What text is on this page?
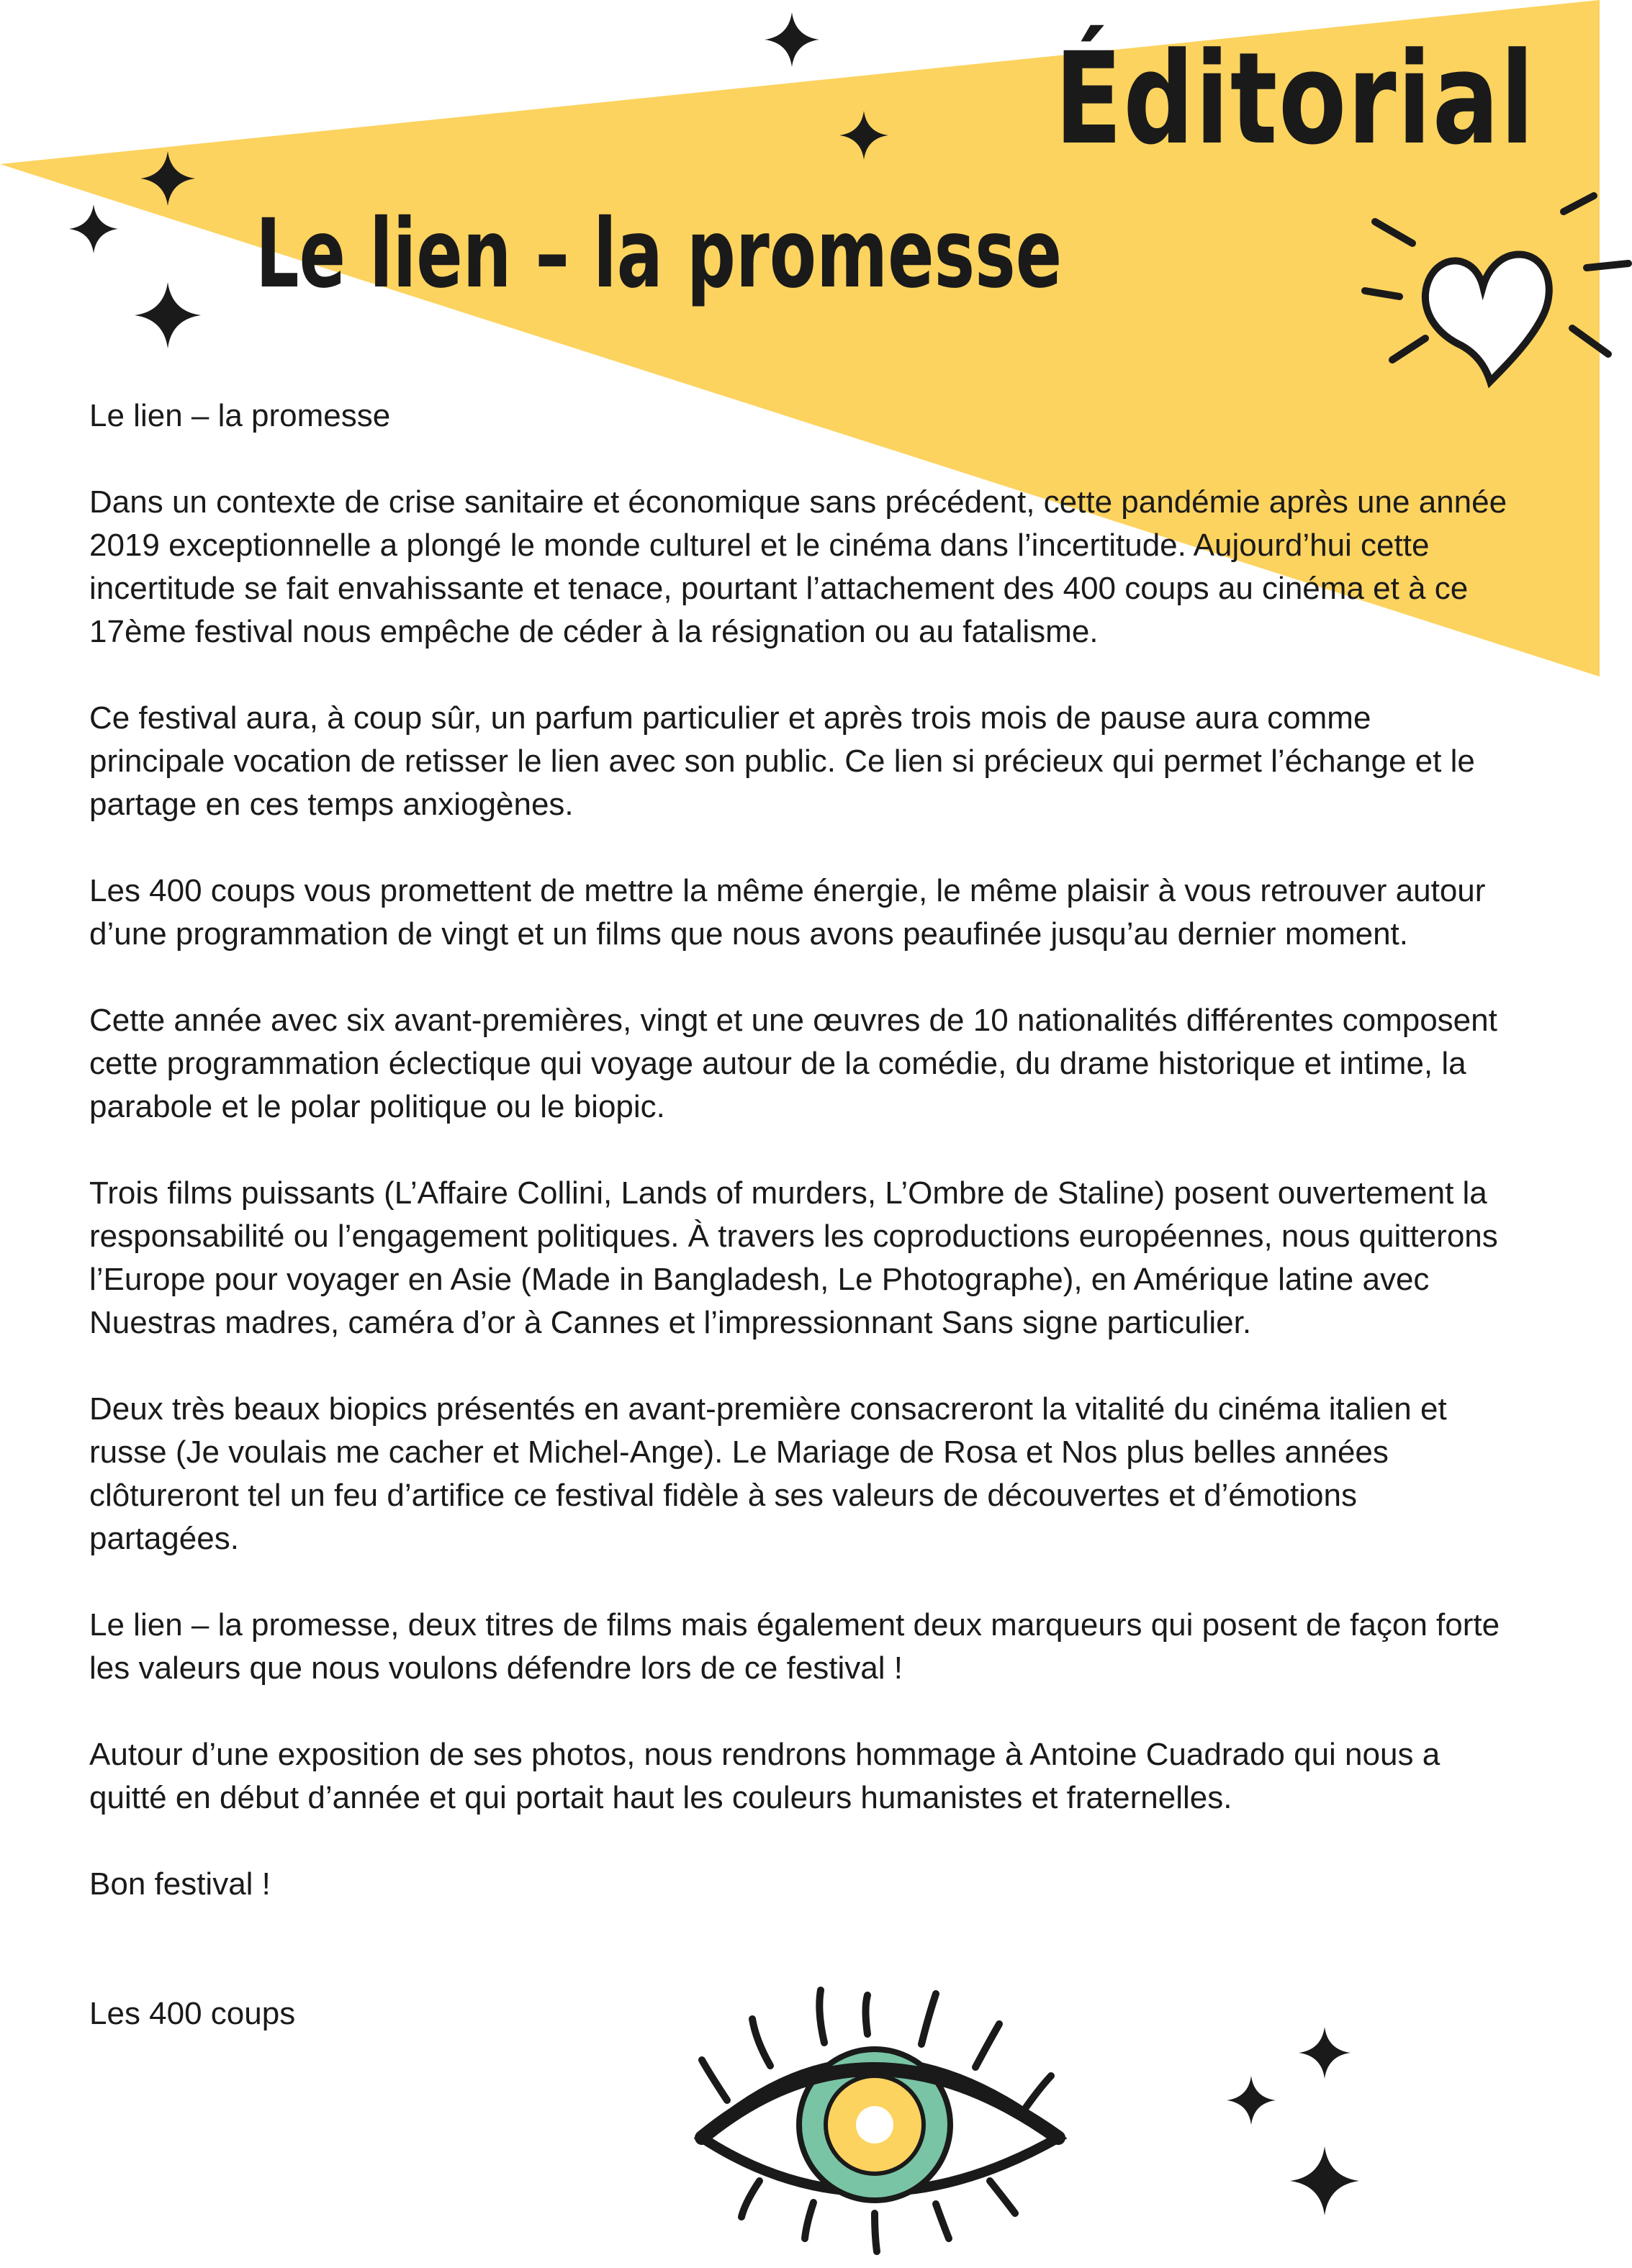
Éditorial
Le lien – la promesse

Le lien – la promesse

Dans un contexte de crise sanitaire et économique sans précédent, cette pandémie après une année 2019 exceptionnelle a plongé le monde culturel et le cinéma dans l’incertitude. Aujourd’hui cette incertitude se fait envahissante et tenace, pourtant l’attachement des 400 coups au cinéma et à ce 17ème festival nous empêche de céder à la résignation ou au fatalisme.

Ce festival aura, à coup sûr, un parfum particulier et après trois mois de pause aura comme principale vocation de retisser le lien avec son public. Ce lien si précieux qui permet l’échange et le partage en ces temps anxiogènes.

Les 400 coups vous promettent de mettre la même énergie, le même plaisir à vous retrouver autour d’une programmation de vingt et un films que nous avons peaufinée jusqu’au dernier moment.

Cette année avec six avant-premières, vingt et une œuvres de 10 nationalités différentes composent cette programmation éclectique qui voyage autour de la comédie, du drame historique et intime, la parabole et le polar politique ou le biopic.

Trois films puissants (L’Affaire Collini, Lands of murders, L’Ombre de Staline) posent ouvertement la responsabilité ou l’engagement politiques. À travers les coproductions européennes, nous quitterons l’Europe pour voyager en Asie (Made in Bangladesh, Le Photographe), en Amérique latine avec Nuestras madres, caméra d’or à Cannes et l’impressionnant Sans signe particulier.

Deux très beaux biopics présentés en avant-première consacreront la vitalité du cinéma italien et russe (Je voulais me cacher et Michel-Ange). Le Mariage de Rosa et Nos plus belles années clôtureront tel un feu d’artifice ce festival fidèle à ses valeurs de découvertes et d’émotions partagées.

Le lien – la promesse, deux titres de films mais également deux marqueurs qui posent de façon forte les valeurs que nous voulons défendre lors de ce festival !

Autour d’une exposition de ses photos, nous rendrons hommage à Antoine Cuadrado qui nous a quitté en début d’année et qui portait haut les couleurs humanistes et fraternelles.

Bon festival !

Les 400 coups
